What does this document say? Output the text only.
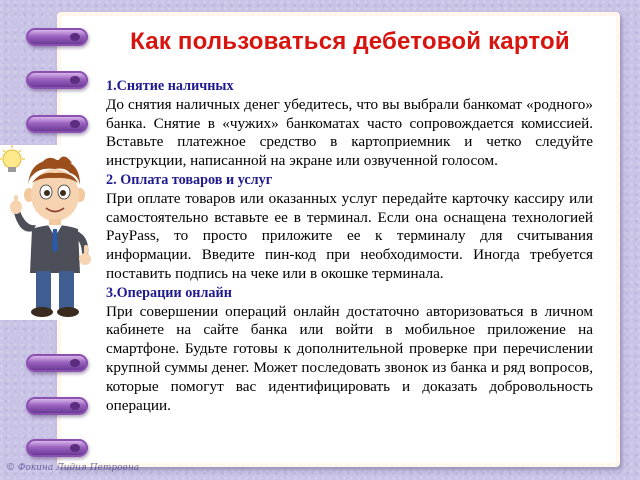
Как пользоваться дебетовой картой
1.Снятие наличных

До снятия наличных денег убедитесь, что вы выбрали банкомат «родного» банка. Снятие в «чужих» банкоматах часто сопровождается комиссией. Вставьте платежное средство в картоприемник и четко следуйте инструкции, написанной на экране или озвученной голосом.

2. Оплата товаров и услуг

При оплате товаров или оказанных услуг передайте карточку кассиру или самостоятельно вставьте ее в терминал. Если она оснащена технологией PayPass, то просто приложите ее к терминалу для считывания информации. Введите пин-код при необходимости. Иногда требуется поставить подпись на чеке или в окошке терминала.

3.Операции онлайн

При совершении операций онлайн достаточно авторизоваться в личном кабинете на сайте банка или войти в мобильное приложение на смартфоне. Будьте готовы к дополнительной проверке при перечислении крупной суммы денег. Может последовать звонок из банка и ряд вопросов, которые помогут вас идентифицировать и доказать добровольность операции.

© Фокина Лидия Петровна
